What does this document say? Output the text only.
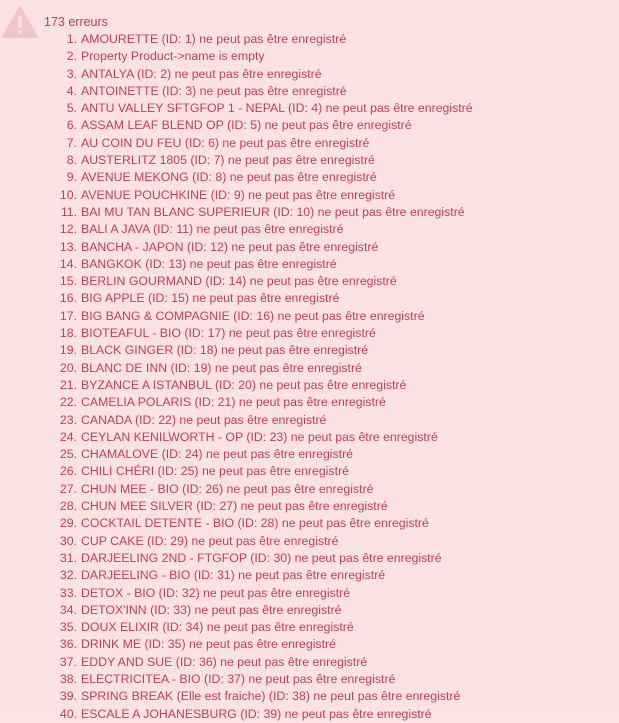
173 erreurs
1. AMOURETTE (ID: 1) ne peut pas être enregistré
2. Property Product->name is empty
3. ANTALYA (ID: 2) ne peut pas être enregistré
4. ANTOINETTE (ID: 3) ne peut pas être enregistré
5. ANTU VALLEY SFTGFOP 1 - NEPAL (ID: 4) ne peut pas être enregistré
6. ASSAM LEAF BLEND OP (ID: 5) ne peut pas être enregistré
7. AU COIN DU FEU (ID: 6) ne peut pas être enregistré
8. AUSTERLITZ 1805 (ID: 7) ne peut pas être enregistré
9. AVENUE MEKONG (ID: 8) ne peut pas être enregistré
10. AVENUE POUCHKINE (ID: 9) ne peut pas être enregistré
11. BAI MU TAN BLANC SUPERIEUR (ID: 10) ne peut pas être enregistré
12. BALI A JAVA (ID: 11) ne peut pas être enregistré
13. BANCHA - JAPON (ID: 12) ne peut pas être enregistré
14. BANGKOK (ID: 13) ne peut pas être enregistré
15. BERLIN GOURMAND (ID: 14) ne peut pas être enregistré
16. BIG APPLE (ID: 15) ne peut pas être enregistré
17. BIG BANG & COMPAGNIE (ID: 16) ne peut pas être enregistré
18. BIOTEAFUL - BIO (ID: 17) ne peut pas être enregistré
19. BLACK GINGER (ID: 18) ne peut pas être enregistré
20. BLANC DE INN (ID: 19) ne peut pas être enregistré
21. BYZANCE A ISTANBUL (ID: 20) ne peut pas être enregistré
22. CAMELIA POLARIS (ID: 21) ne peut pas être enregistré
23. CANADA (ID: 22) ne peut pas être enregistré
24. CEYLAN KENILWORTH - OP (ID: 23) ne peut pas être enregistré
25. CHAMALOVE (ID: 24) ne peut pas être enregistré
26. CHILI CHÉRI (ID: 25) ne peut pas être enregistré
27. CHUN MEE - BIO (ID: 26) ne peut pas être enregistré
28. CHUN MEE SILVER (ID: 27) ne peut pas être enregistré
29. COCKTAIL DETENTE - BIO (ID: 28) ne peut pas être enregistré
30. CUP CAKE (ID: 29) ne peut pas être enregistré
31. DARJEELING 2ND - FTGFOP (ID: 30) ne peut pas être enregistré
32. DARJEELING - BIO (ID: 31) ne peut pas être enregistré
33. DETOX - BIO (ID: 32) ne peut pas être enregistré
34. DETOX'INN (ID: 33) ne peut pas être enregistré
35. DOUX ELIXIR (ID: 34) ne peut pas être enregistré
36. DRINK ME (ID: 35) ne peut pas être enregistré
37. EDDY AND SUE (ID: 36) ne peut pas être enregistré
38. ELECTRICITEA - BIO (ID: 37) ne peut pas être enregistré
39. SPRING BREAK (Elle est fraiche) (ID: 38) ne peut pas être enregistré
40. ESCALE A JOHANESBURG (ID: 39) ne peut pas être enregistré
